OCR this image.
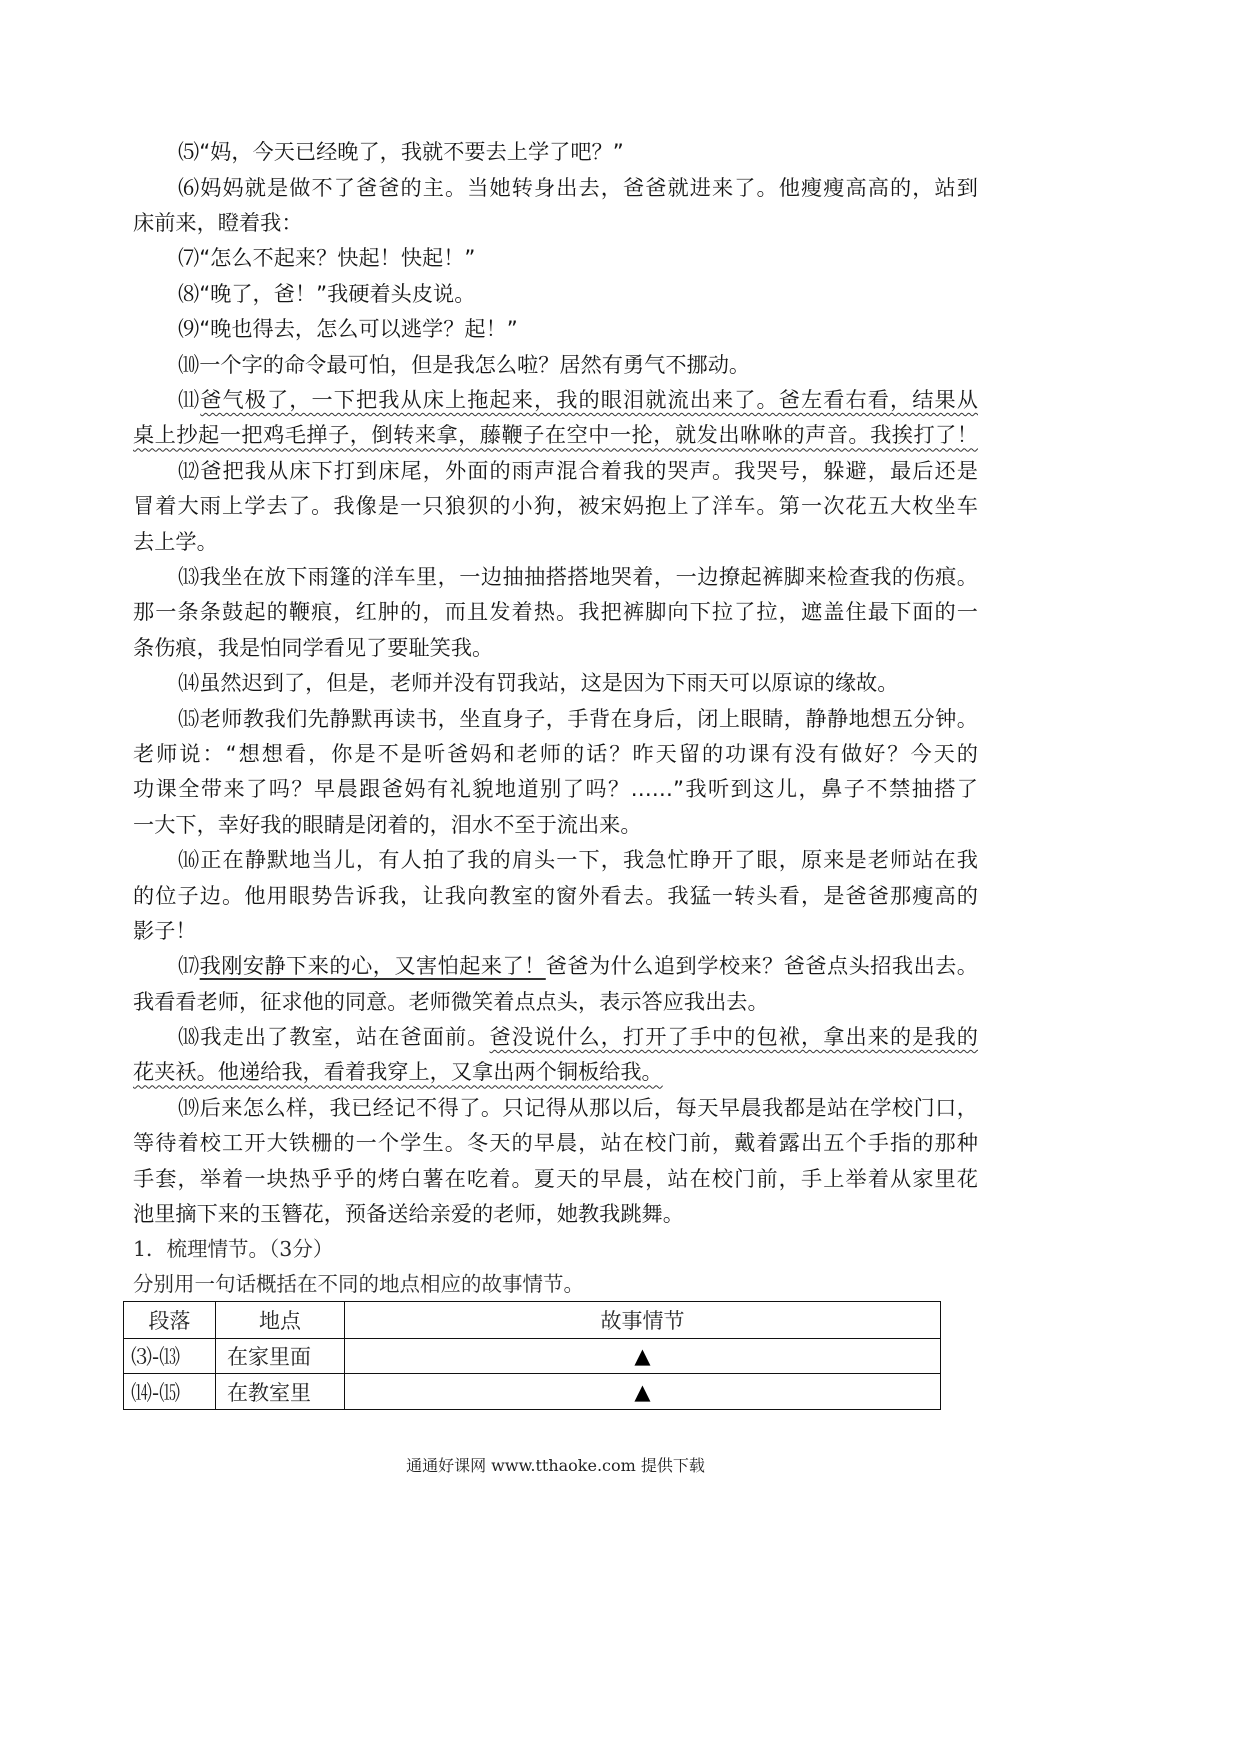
⑸“妈，今天已经晚了，我就不要去上学了吧？”
⑹妈妈就是做不了爸爸的主。当她转身出去，爸爸就进来了。他瘦瘦高高的，站到
床前来，瞪着我：
⑺“怎么不起来？快起！快起！”
⑻“晚了，爸！”我硬着头皮说。
⑼“晚也得去，怎么可以逃学？起！”
⑽一个字的命令最可怕，但是我怎么啦？居然有勇气不挪动。
⑾爸气极了，一下把我从床上拖起来，我的眼泪就流出来了。爸左看右看，结果从
桌上抄起一把鸡毛掸子，倒转来拿，藤鞭子在空中一抡，就发出咻咻的声音。我挨打了！
⑿爸把我从床下打到床尾，外面的雨声混合着我的哭声。我哭号，躲避，最后还是
冒着大雨上学去了。我像是一只狼狈的小狗，被宋妈抱上了洋车。第一次花五大枚坐车
去上学。
⒀我坐在放下雨篷的洋车里，一边抽抽搭搭地哭着，一边撩起裤脚来检查我的伤痕。
那一条条鼓起的鞭痕，红肿的，而且发着热。我把裤脚向下拉了拉，遮盖住最下面的一
条伤痕，我是怕同学看见了要耻笑我。
⒁虽然迟到了，但是，老师并没有罚我站，这是因为下雨天可以原谅的缘故。
⒂老师教我们先静默再读书，坐直身子，手背在身后，闭上眼睛，静静地想五分钟。
老师说：“想想看，你是不是听爸妈和老师的话？昨天留的功课有没有做好？今天的
功课全带来了吗？早晨跟爸妈有礼貌地道别了吗？……”我听到这儿，鼻子不禁抽搭了
一大下，幸好我的眼睛是闭着的，泪水不至于流出来。
⒃正在静默地当儿，有人拍了我的肩头一下，我急忙睁开了眼，原来是老师站在我
的位子边。他用眼势告诉我，让我向教室的窗外看去。我猛一转头看，是爸爸那瘦高的
影子！
⒄我刚安静下来的心，又害怕起来了！爸爸为什么追到学校来？爸爸点头招我出去。
我看看老师，征求他的同意。老师微笑着点点头，表示答应我出去。
⒅我走出了教室，站在爸面前。爸没说什么，打开了手中的包袱，拿出来的是我的
花夹袄。他递给我，看着我穿上，又拿出两个铜板给我。
⒆后来怎么样，我已经记不得了。只记得从那以后，每天早晨我都是站在学校门口，
等待着校工开大铁栅的一个学生。冬天的早晨，站在校门前，戴着露出五个手指的那种
手套，举着一块热乎乎的烤白薯在吃着。夏天的早晨，站在校门前，手上举着从家里花
池里摘下来的玉簪花，预备送给亲爱的老师，她教我跳舞。
1．梳理情节。（3分）
分别用一句话概括在不同的地点相应的故事情节。
段落	地点	故事情节
⑶-⒀	在家里面	▲
⒁-⒂	在教室里	▲
通通好课网 www.tthaoke.com 提供下载
